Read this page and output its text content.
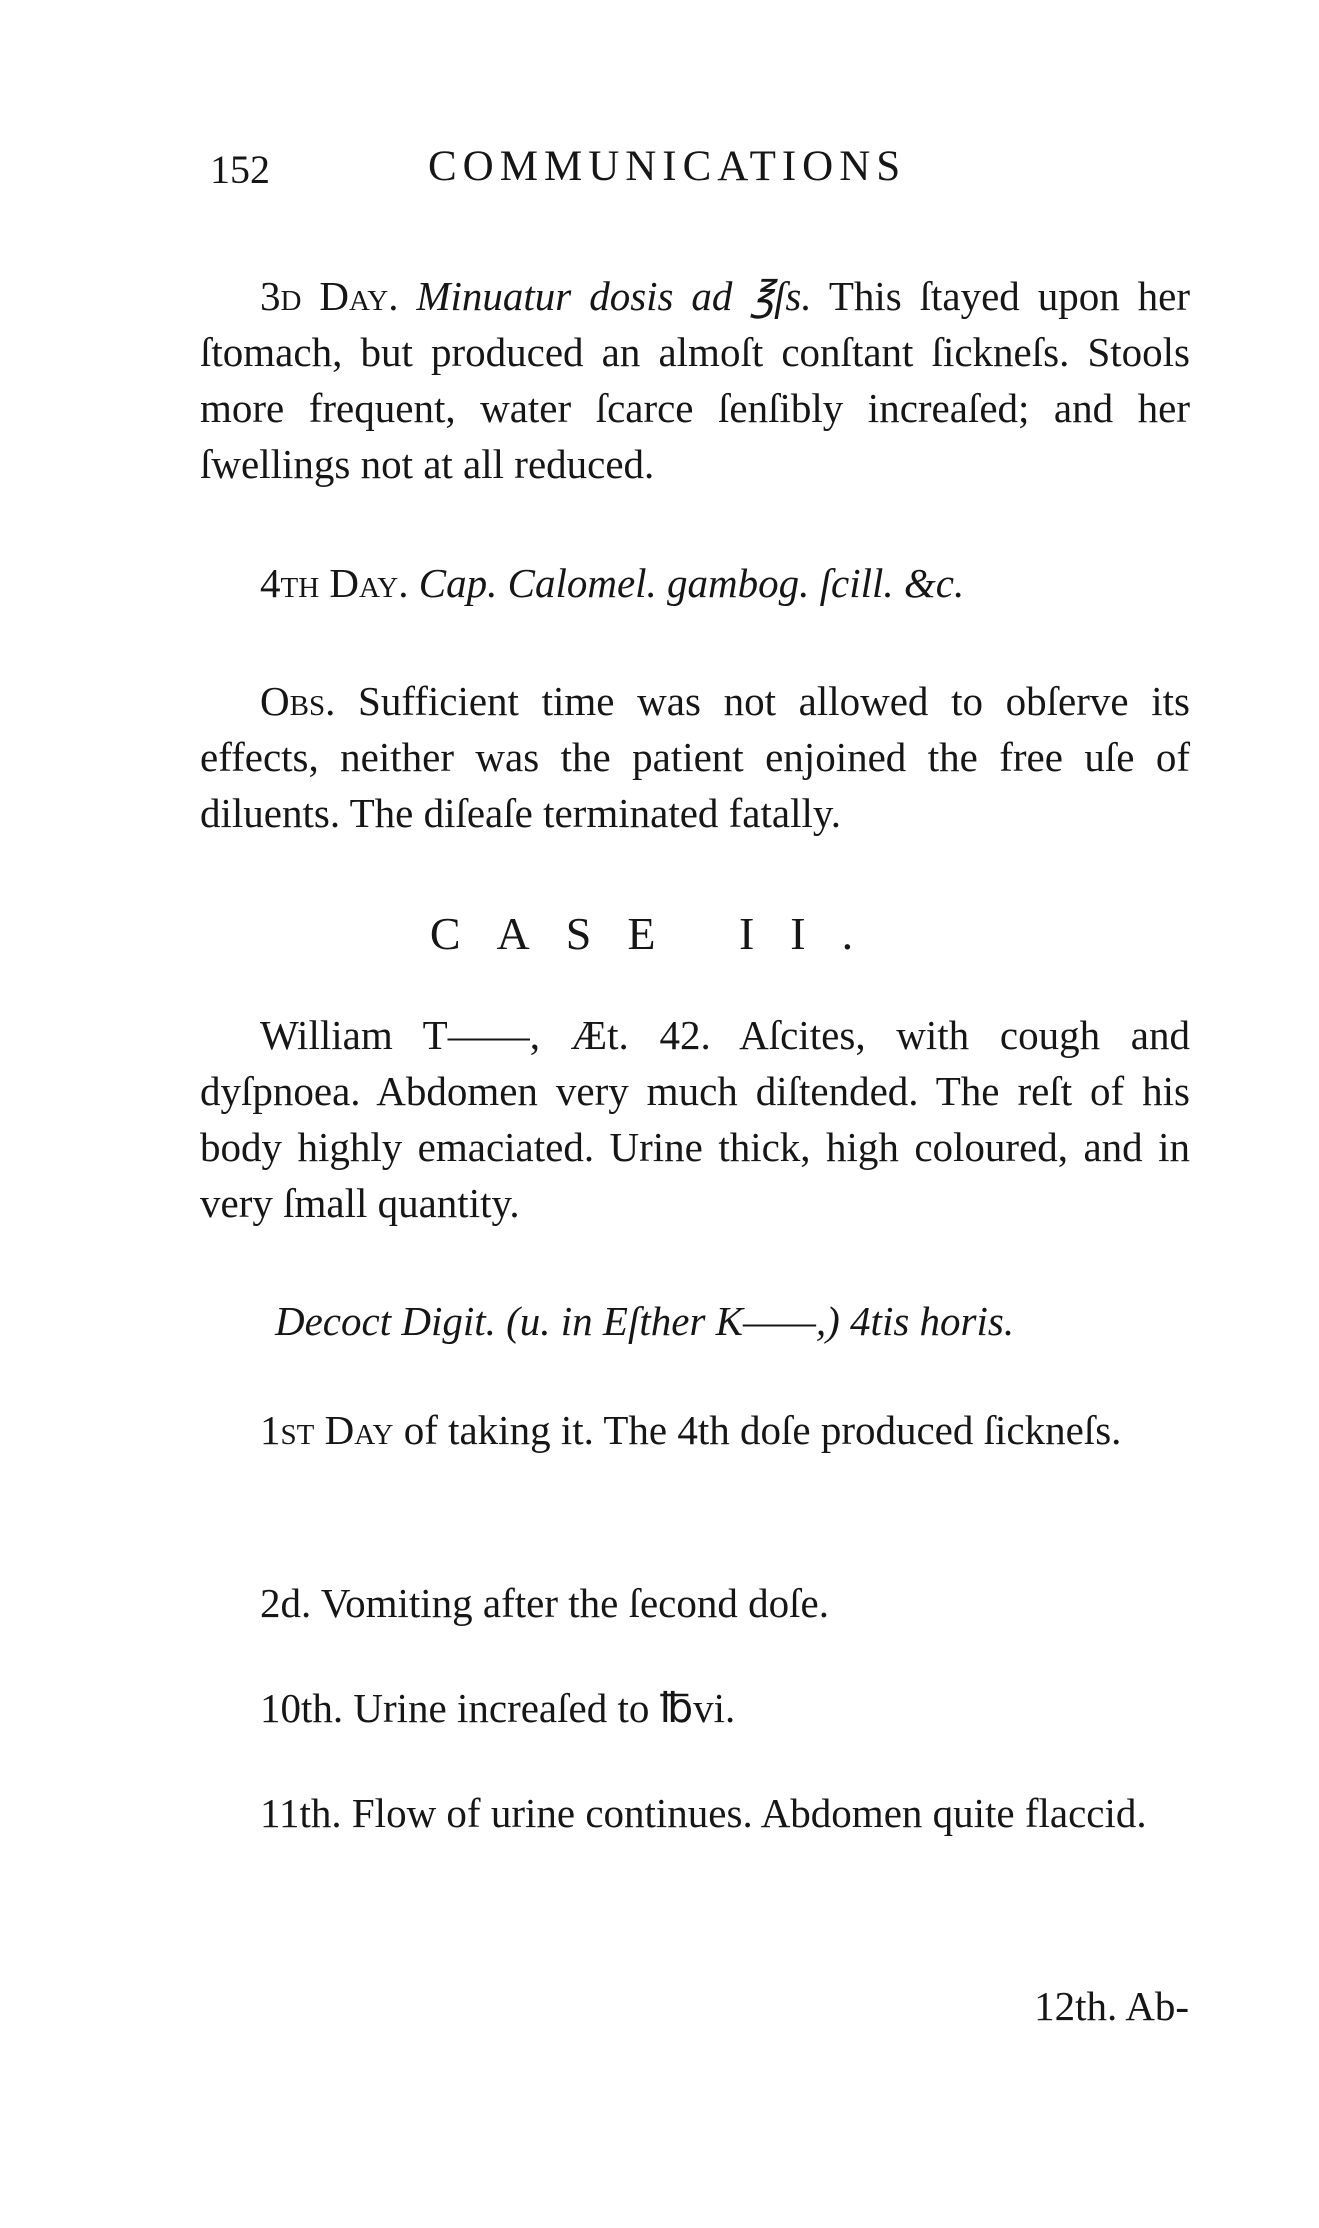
152	COMMUNICATIONS

3d Day. Minuatur dosis ad ℥ſs. This ſtayed upon her ſtomach, but produced an almoſt conſtant ſickneſs. Stools more frequent, water ſcarce ſenſibly increaſed; and her ſwellings not at all reduced.

4th Day. Cap. Calomel. gambog. ſcill. &c.

Obs. Sufficient time was not allowed to obſerve its effects, neither was the patient enjoined the free uſe of diluents. The diſeaſe terminated fatally.

CASE II.

William T——, Æt. 42. Aſcites, with cough and dyſpnoea. Abdomen very much diſtended. The reſt of his body highly emaciated. Urine thick, high coloured, and in very ſmall quantity.

Decoct Digit. (u. in Eſther K——,) 4tis horis.

1ſt Day of taking it. The 4th doſe produced ſickneſs.

2d. Vomiting after the ſecond doſe.

10th. Urine increaſed to ℔vi.

11th. Flow of urine continues. Abdomen quite flaccid.

12th. Ab-
